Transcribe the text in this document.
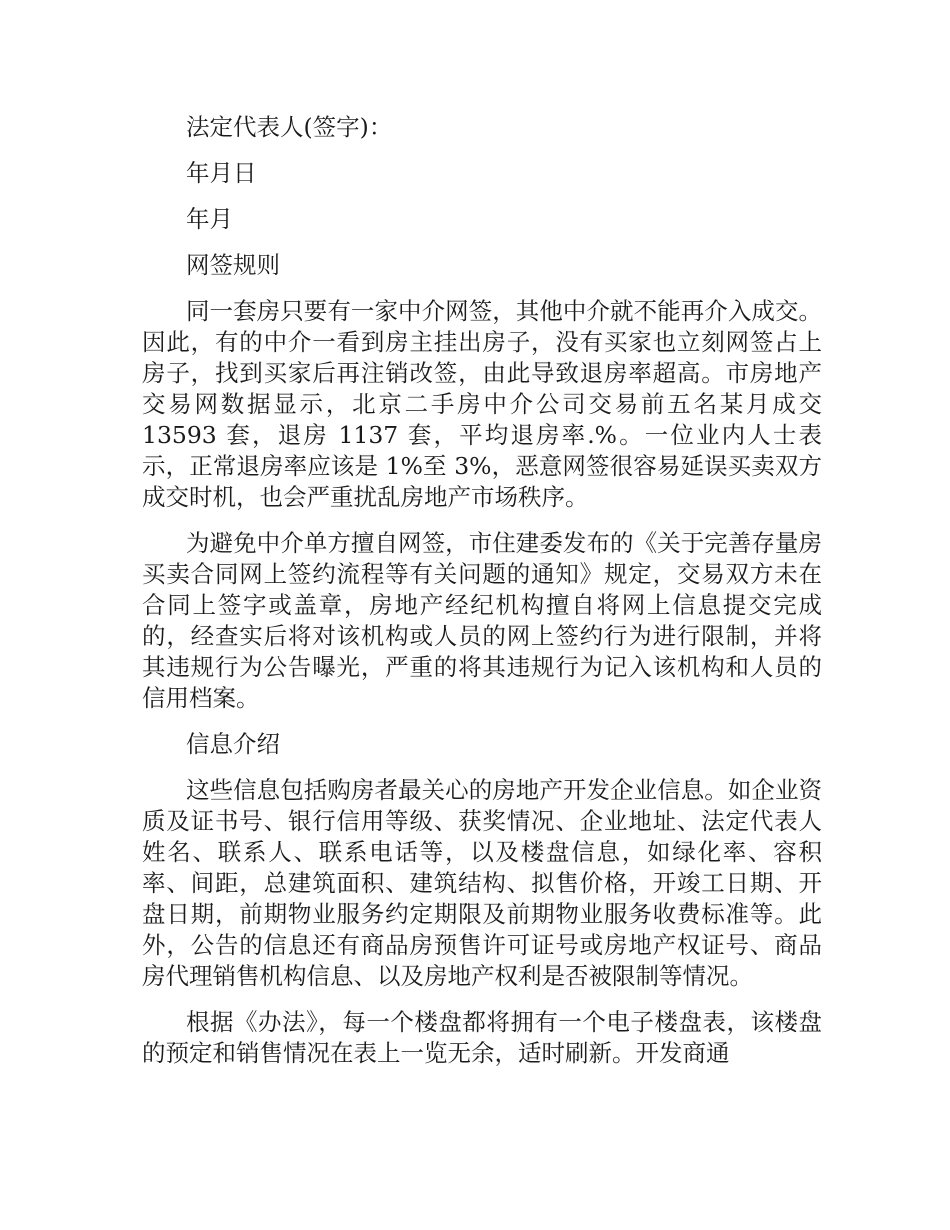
法定代表人(签字)：

年月日

年月

网签规则

同一套房只要有一家中介网签，其他中介就不能再介入成交。因此，有的中介一看到房主挂出房子，没有买家也立刻网签占上房子，找到买家后再注销改签，由此导致退房率超高。市房地产交易网数据显示，北京二手房中介公司交易前五名某月成交 13593 套，退房 1137 套，平均退房率.%。一位业内人士表示，正常退房率应该是 1%至 3%，恶意网签很容易延误买卖双方成交时机，也会严重扰乱房地产市场秩序。

为避免中介单方擅自网签，市住建委发布的《关于完善存量房买卖合同网上签约流程等有关问题的通知》规定，交易双方未在合同上签字或盖章，房地产经纪机构擅自将网上信息提交完成的，经查实后将对该机构或人员的网上签约行为进行限制，并将其违规行为公告曝光，严重的将其违规行为记入该机构和人员的信用档案。

信息介绍

这些信息包括购房者最关心的房地产开发企业信息。如企业资质及证书号、银行信用等级、获奖情况、企业地址、法定代表人姓名、联系人、联系电话等，以及楼盘信息，如绿化率、容积率、间距，总建筑面积、建筑结构、拟售价格，开竣工日期、开盘日期，前期物业服务约定期限及前期物业服务收费标准等。此外，公告的信息还有商品房预售许可证号或房地产权证号、商品房代理销售机构信息、以及房地产权利是否被限制等情况。

根据《办法》，每一个楼盘都将拥有一个电子楼盘表，该楼盘的预定和销售情况在表上一览无余，适时刷新。开发商通
